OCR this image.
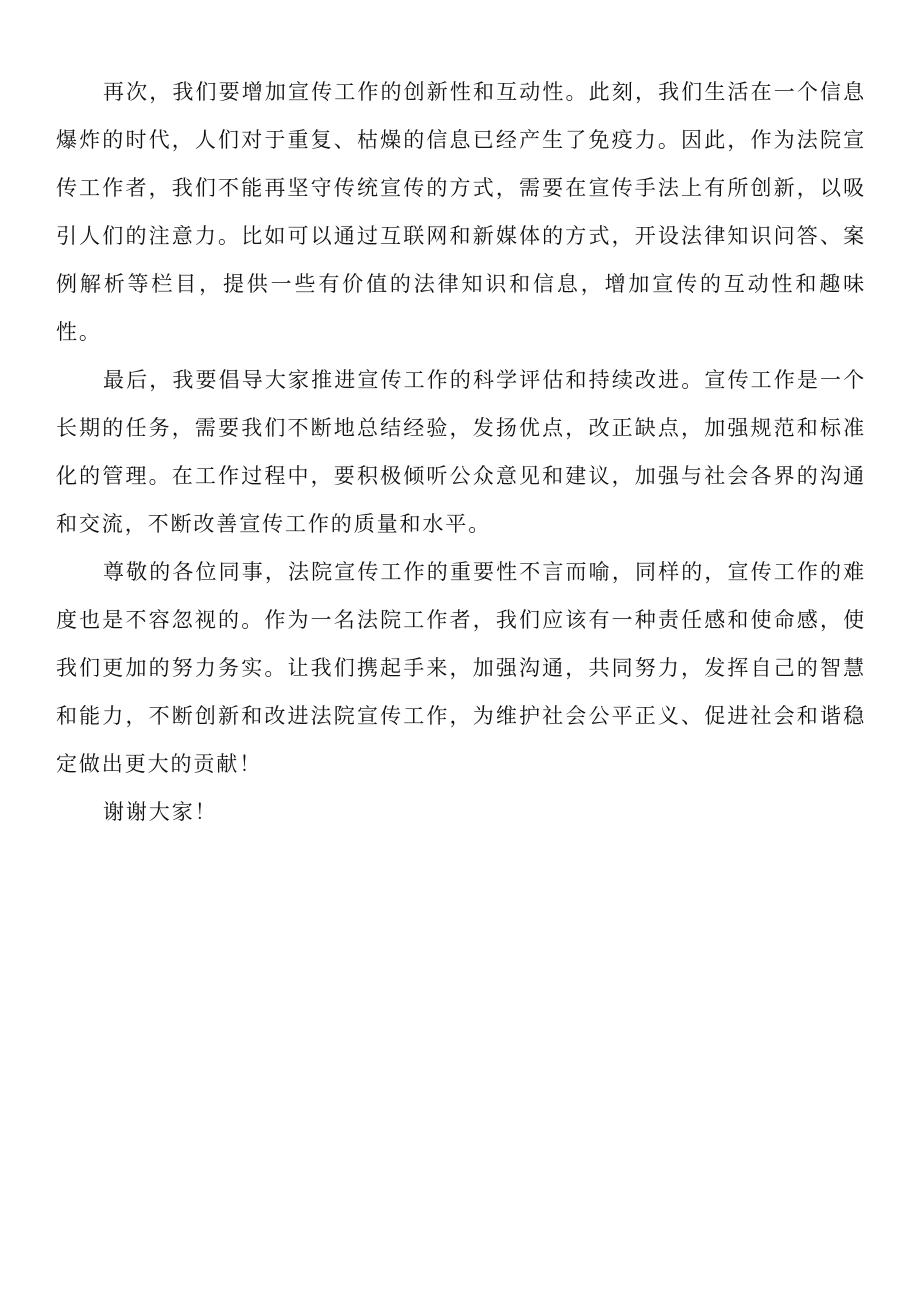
再次，我们要增加宣传工作的创新性和互动性。此刻，我们生活在一个信息爆炸的时代，人们对于重复、枯燥的信息已经产生了免疫力。因此，作为法院宣传工作者，我们不能再坚守传统宣传的方式，需要在宣传手法上有所创新，以吸引人们的注意力。比如可以通过互联网和新媒体的方式，开设法律知识问答、案例解析等栏目，提供一些有价值的法律知识和信息，增加宣传的互动性和趣味性。

最后，我要倡导大家推进宣传工作的科学评估和持续改进。宣传工作是一个长期的任务，需要我们不断地总结经验，发扬优点，改正缺点，加强规范和标准化的管理。在工作过程中，要积极倾听公众意见和建议，加强与社会各界的沟通和交流，不断改善宣传工作的质量和水平。

尊敬的各位同事，法院宣传工作的重要性不言而喻，同样的，宣传工作的难度也是不容忽视的。作为一名法院工作者，我们应该有一种责任感和使命感，使我们更加的努力务实。让我们携起手来，加强沟通，共同努力，发挥自己的智慧和能力，不断创新和改进法院宣传工作，为维护社会公平正义、促进社会和谐稳定做出更大的贡献！

谢谢大家！
